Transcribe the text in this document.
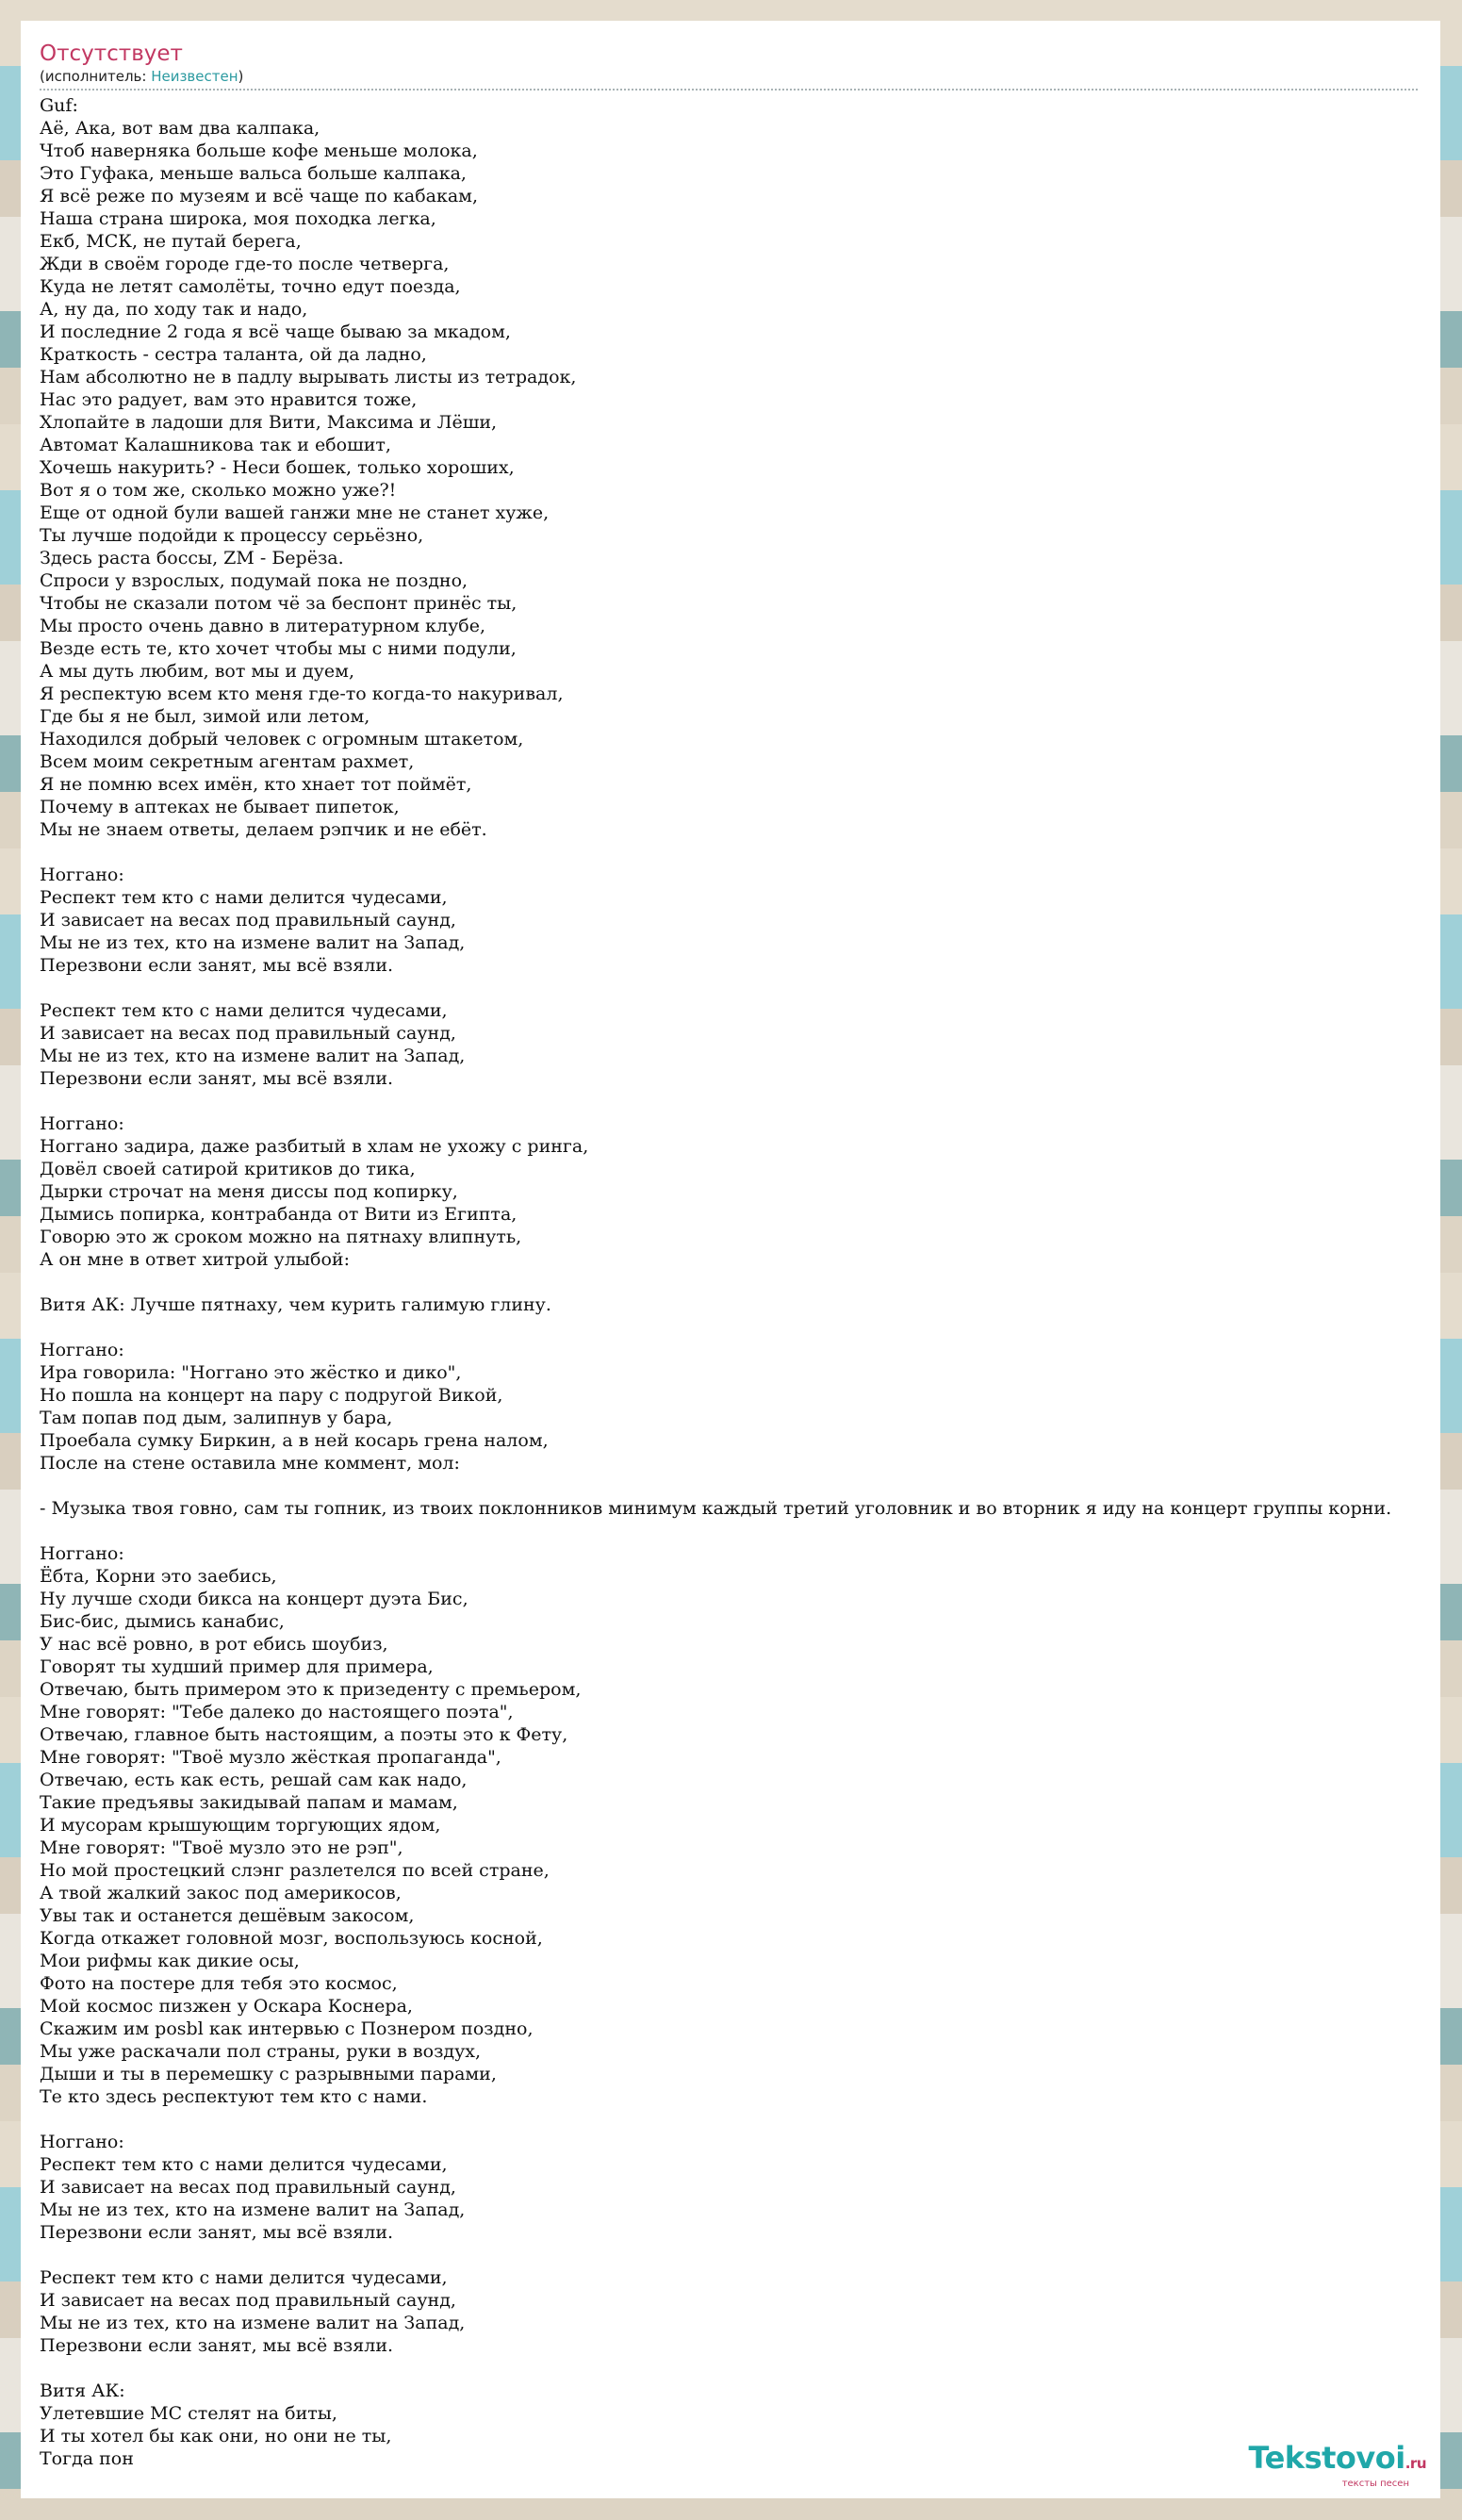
Отсутствует
(исполнитель: Неизвестен)
Guf:
Аё, Ака, вот вам два калпака,
Чтоб наверняка больше кофе меньше молока,
Это Гуфака, меньше вальса больше калпака,
Я всё реже по музеям и всё чаще по кабакам,
Наша страна широка, моя походка легка,
Екб, МСК, не путай берега,
Жди в своём городе где-то после четверга,
Куда не летят самолёты, точно едут поезда,
А, ну да, по ходу так и надо,
И последние 2 года я всё чаще бываю за мкадом,
Краткость - сестра таланта, ой да ладно,
Нам абсолютно не в падлу вырывать листы из тетрадок,
Нас это радует, вам это нравится тоже,
Хлопайте в ладоши для Вити, Максима и Лёши,
Автомат Калашникова так и ебошит,
Хочешь накурить? - Неси бошек, только хороших,
Вот я о том же, сколько можно уже?!
Еще от одной були вашей ганжи мне не станет хуже,
Ты лучше подойди к процессу серьёзно,
Здесь раста боссы, ZM - Берёза.
Спроси у взрослых, подумай пока не поздно,
Чтобы не сказали потом чё за беспонт принёс ты,
Мы просто очень давно в литературном клубе,
Везде есть те, кто хочет чтобы мы с ними подули,
А мы дуть любим, вот мы и дуем,
Я респектую всем кто меня где-то когда-то накуривал,
Где бы я не был, зимой или летом,
Находился добрый человек с огромным штакетом,
Всем моим секретным агентам рахмет,
Я не помню всех имён, кто хнает тот поймёт,
Почему в аптеках не бывает пипеток,
Мы не знаем ответы, делаем рэпчик и не ебёт.

Ноггано:
Респект тем кто с нами делится чудесами,
И зависает на весах под правильный саунд,
Мы не из тех, кто на измене валит на Запад,
Перезвони если занят, мы всё взяли.

Респект тем кто с нами делится чудесами,
И зависает на весах под правильный саунд,
Мы не из тех, кто на измене валит на Запад,
Перезвони если занят, мы всё взяли.

Ноггано:
Ноггано задира, даже разбитый в хлам не ухожу с ринга,
Довёл своей сатирой критиков до тика,
Дырки строчат на меня диссы под копирку,
Дымись попирка, контрабанда от Вити из Египта,
Говорю это ж сроком можно на пятнаху влипнуть,
А он мне в ответ хитрой улыбой:

Витя АК: Лучше пятнаху, чем курить галимую глину.

Ноггано:
Ира говорила: "Ноггано это жёстко и дико",
Но пошла на концерт на пару с подругой Викой,
Там попав под дым, залипнув у бара,
Проебала сумку Биркин, а в ней косарь грена налом,
После на стене оставила мне коммент, мол:

- Музыка твоя говно, сам ты гопник, из твоих поклонников минимум каждый третий уголовник и во вторник я иду на концерт группы корни.

Ноггано:
Ёбта, Корни это заебись,
Ну лучше сходи бикса на концерт дуэта Бис,
Бис-бис, дымись канабис,
У нас всё ровно, в рот ебись шоубиз,
Говорят ты худший пример для примера,
Отвечаю, быть примером это к призеденту с премьером,
Мне говорят: "Тебе далеко до настоящего поэта",
Отвечаю, главное быть настоящим, а поэты это к Фету,
Мне говорят: "Твоё музло жёсткая пропаганда",
Отвечаю, есть как есть, решай сам как надо,
Такие предъявы закидывай папам и мамам,
И мусорам крышующим торгующих ядом,
Мне говорят: "Твоё музло это не рэп",
Но мой простецкий слэнг разлетелся по всей стране,
А твой жалкий закос под америкосов,
Увы так и останется дешёвым закосом,
Когда откажет головной мозг, воспользуюсь косной,
Мои рифмы как дикие осы,
Фото на постере для тебя это космос,
Мой космос пизжен у Оскара Коснера,
Скажим им posbl как интервью с Познером поздно,
Мы уже раскачали пол страны, руки в воздух,
Дыши и ты в перемешку с разрывными парами,
Те кто здесь респектуют тем кто с нами.

Ноггано:
Респект тем кто с нами делится чудесами,
И зависает на весах под правильный саунд,
Мы не из тех, кто на измене валит на Запад,
Перезвони если занят, мы всё взяли.

Респект тем кто с нами делится чудесами,
И зависает на весах под правильный саунд,
Мы не из тех, кто на измене валит на Запад,
Перезвони если занят, мы всё взяли.

Витя АК:
Улетевшие МС стелят на биты,
И ты хотел бы как они, но они не ты,
Тогда пон	Tekstovoi.ru
тексты песен
